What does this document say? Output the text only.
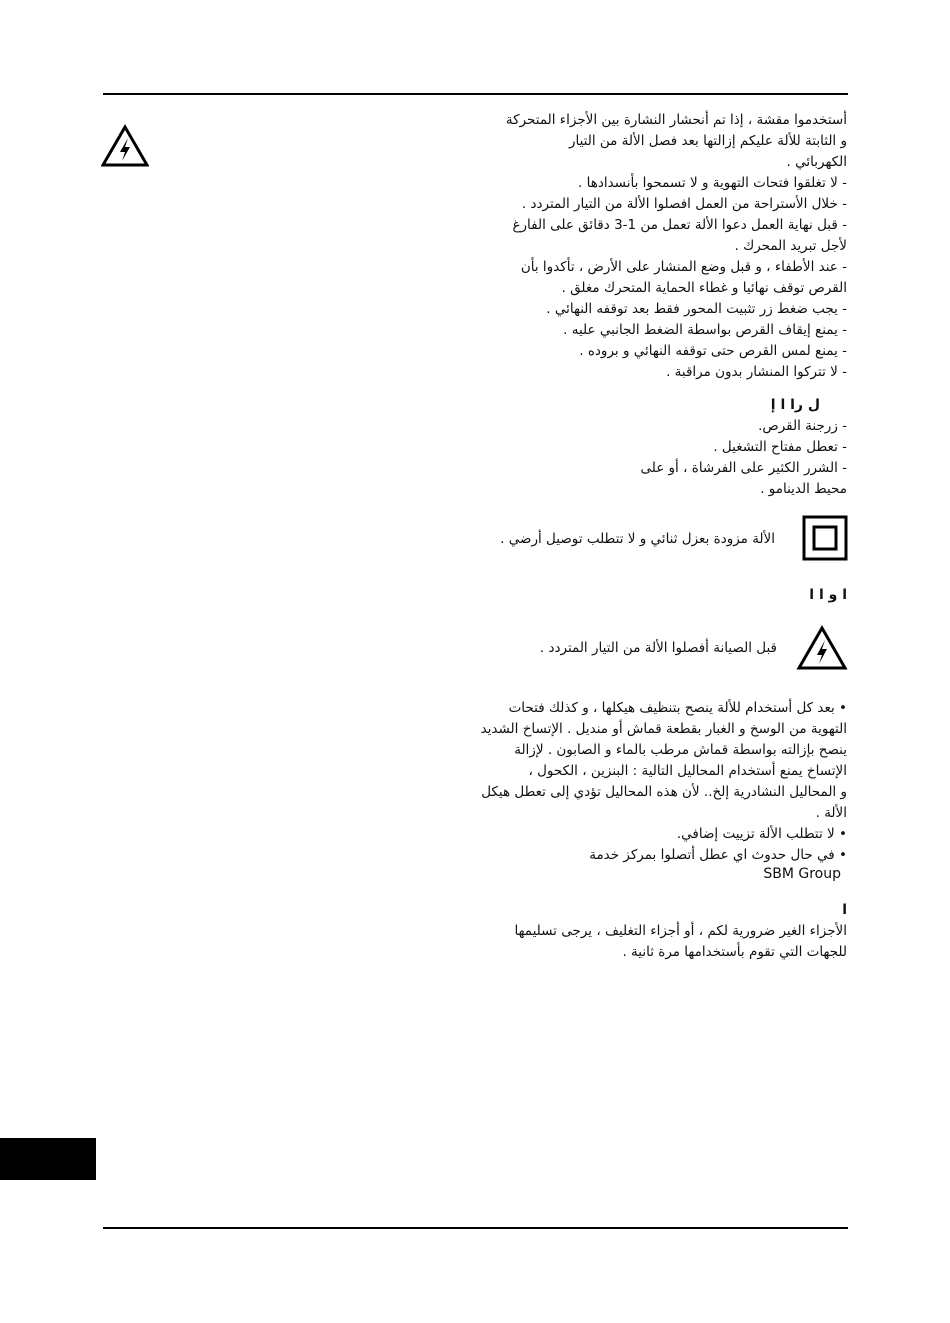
أستخدموا مقشة ، إذا تم أنحشار النشارة بين الأجزاء المتحركة
و الثابتة للألة عليكم إزالتها بعد فصل الألة من التيار
الكهربائي .
- لا تغلقوا فتحات التهوية و لا تسمحوا بأنسدادها .
- خلال الأستراحة من العمل افصلوا الألة من التيار المتردد .
- قبل نهاية العمل دعوا الألة تعمل من 1-3 دقائق على الفارغ
لأجل تبريد المحرك .
- عند الأطفاء ، و قبل وضع المنشار على الأرض ، تأكدوا بأن
القرص توقف نهائيا و غطاء الحماية المتحرك مغلق .
- يجب ضغط زر تثبيت المحور فقط بعد توقفه النهائي .
- يمنع إيقاف القرص بواسطة الضغط الجانبي عليه .
- يمنع لمس القرص حتى توقفه النهائي و بروده .
- لا تتركوا المنشار بدون مراقبة .
ل را ا إ
- زرجنة القرص.
- تعطل مفتاح التشغيل .
- الشرر الكثير على الفرشاة ، أو على
محيط الدينامو .
الألة مزودة بعزل ثنائي و لا تتطلب توصيل أرضي .
ا و ا ا
قبل الصيانة أفصلوا الألة من التيار المتردد .
• بعد كل أستخدام للألة ينصح بتنظيف هيكلها ، و كذلك فتحات
التهوية من الوسخ و الغبار بقطعة قماش أو منديل . الإتساخ الشديد
ينصح بإزالته بواسطة قماش مرطب بالماء و الصابون . لإزالة
الإتساخ يمنع أستخدام المحاليل التالية : البنزين ، الكحول ،
و المحاليل النشادرية إلخ.. لأن هذه المحاليل تؤدي إلى تعطل هيكل
الألة .
• لا تتطلب الألة تزييت إضافي.
• في حال حدوث اي عطل أتصلوا بمركز خدمة
SBM Group
ا
الأجزاء الغير ضرورية لكم ، أو أجزاء التغليف ، يرجى تسليمها
للجهات التي تقوم بأستخدامها مرة ثانية .
